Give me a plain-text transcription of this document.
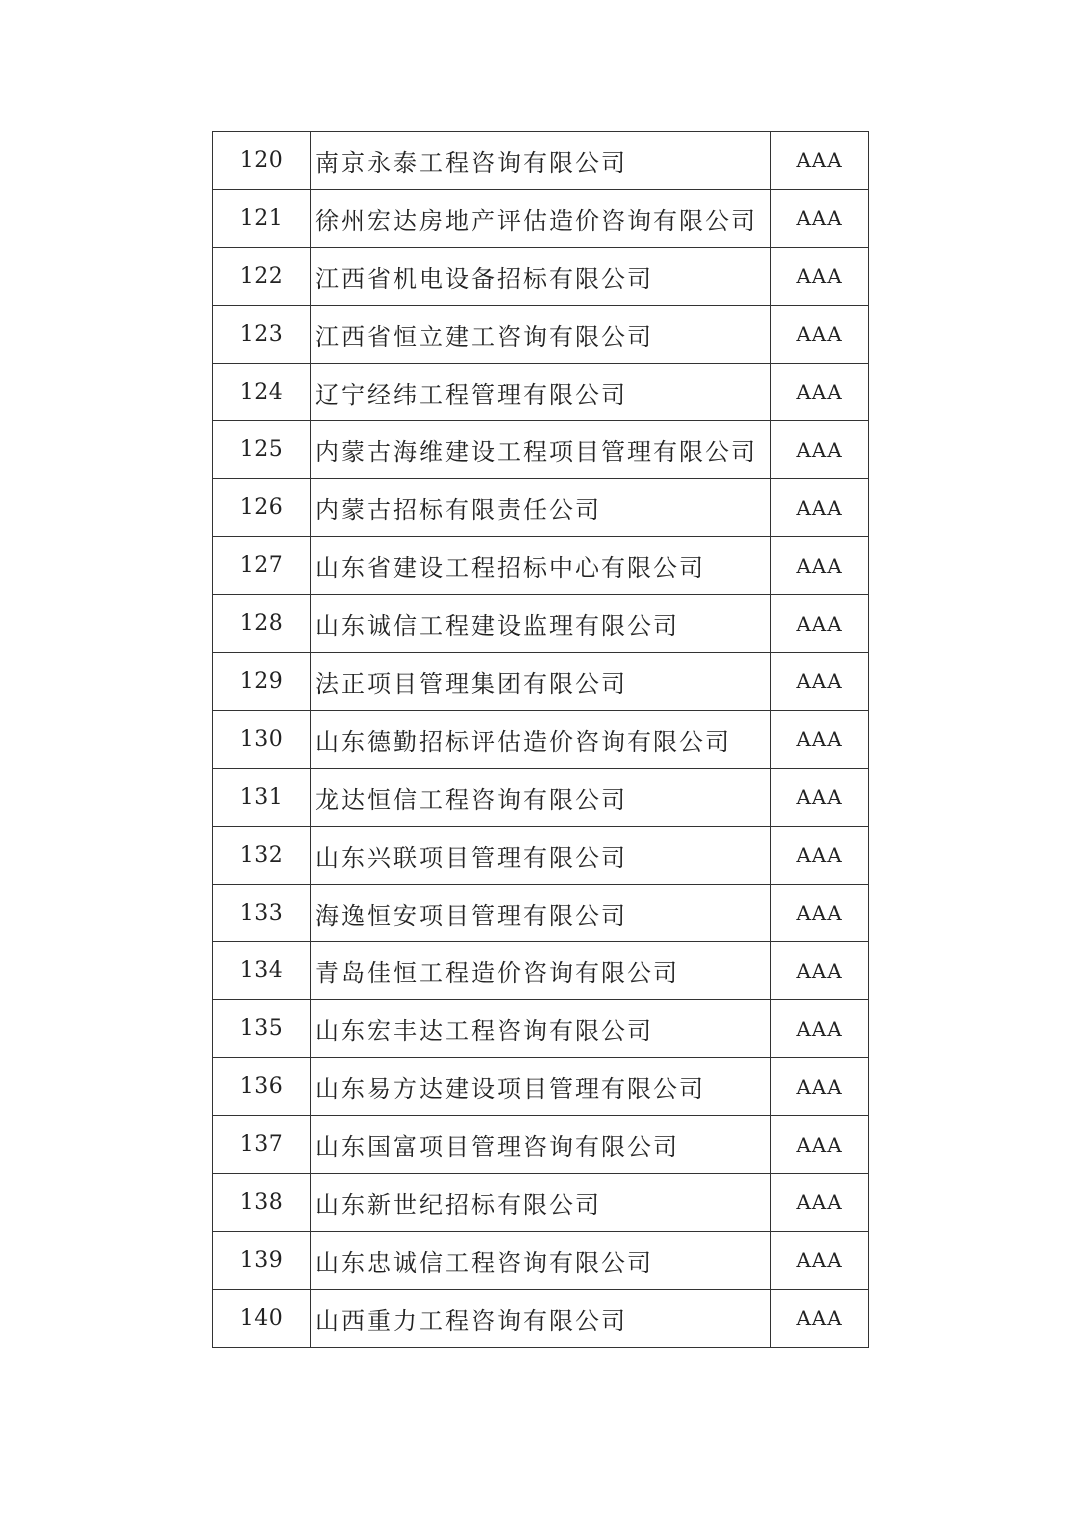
120	南京永泰工程咨询有限公司	AAA
121	徐州宏达房地产评估造价咨询有限公司	AAA
122	江西省机电设备招标有限公司	AAA
123	江西省恒立建工咨询有限公司	AAA
124	辽宁经纬工程管理有限公司	AAA
125	内蒙古海维建设工程项目管理有限公司	AAA
126	内蒙古招标有限责任公司	AAA
127	山东省建设工程招标中心有限公司	AAA
128	山东诚信工程建设监理有限公司	AAA
129	法正项目管理集团有限公司	AAA
130	山东德勤招标评估造价咨询有限公司	AAA
131	龙达恒信工程咨询有限公司	AAA
132	山东兴联项目管理有限公司	AAA
133	海逸恒安项目管理有限公司	AAA
134	青岛佳恒工程造价咨询有限公司	AAA
135	山东宏丰达工程咨询有限公司	AAA
136	山东易方达建设项目管理有限公司	AAA
137	山东国富项目管理咨询有限公司	AAA
138	山东新世纪招标有限公司	AAA
139	山东忠诚信工程咨询有限公司	AAA
140	山西重力工程咨询有限公司	AAA
